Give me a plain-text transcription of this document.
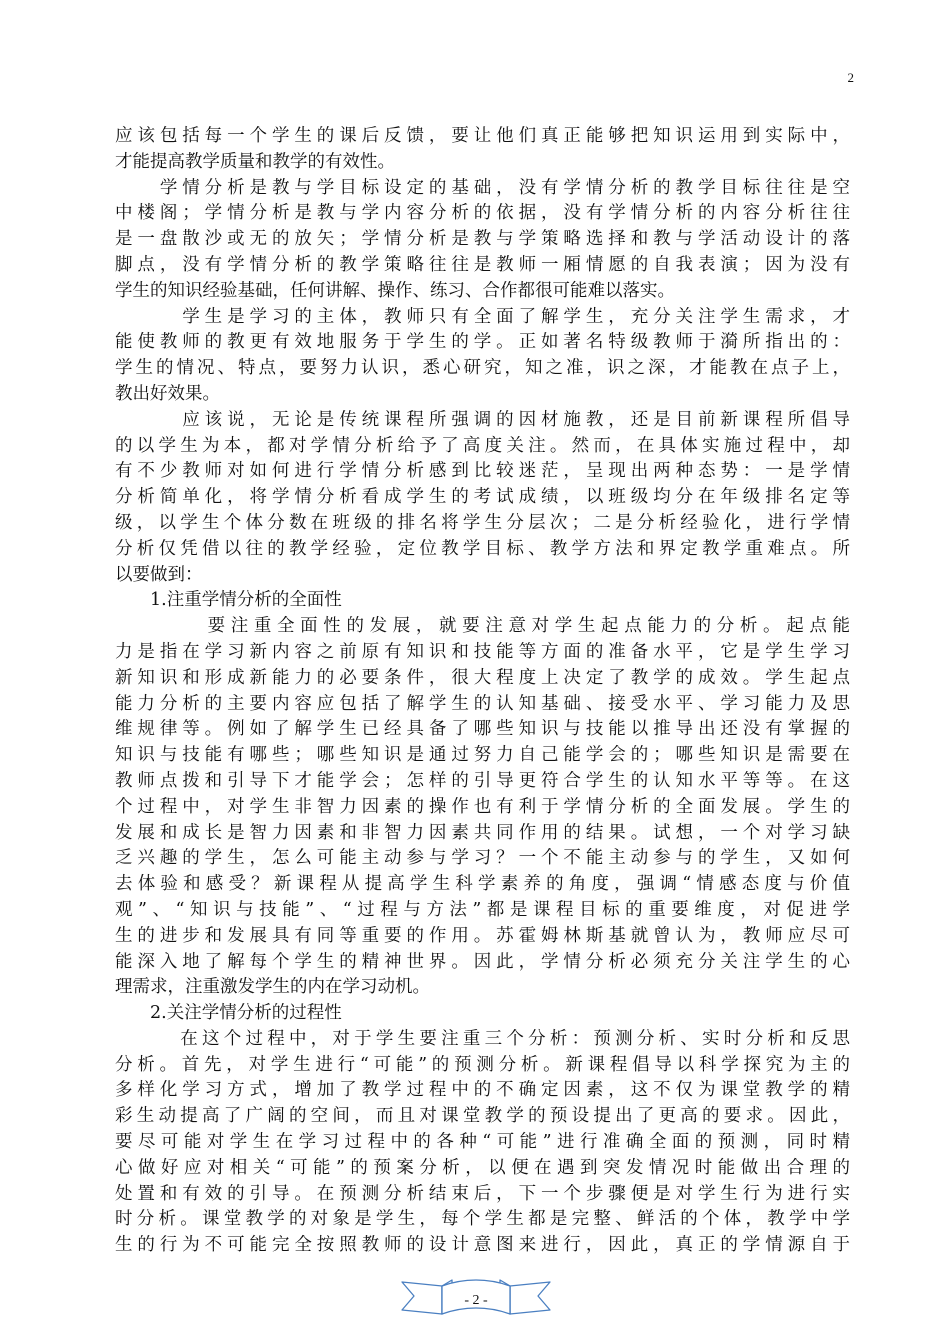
2
应该包括每一个学生的课后反馈，要让他们真正能够把知识运用到实际中，
才能提高教学质量和教学的有效性。
　　学情分析是教与学目标设定的基础，没有学情分析的教学目标往往是空
中楼阁；学情分析是教与学内容分析的依据，没有学情分析的内容分析往往
是一盘散沙或无的放矢；学情分析是教与学策略选择和教与学活动设计的落
脚点，没有学情分析的教学策略往往是教师一厢情愿的自我表演；因为没有
学生的知识经验基础，任何讲解、操作、练习、合作都很可能难以落实。
　　　学生是学习的主体，教师只有全面了解学生，充分关注学生需求，才
能使教师的教更有效地服务于学生的学。正如著名特级教师于漪所指出的：
学生的情况、特点，要努力认识，悉心研究，知之准，识之深，才能教在点子上，
教出好效果。
　　　应该说，无论是传统课程所强调的因材施教，还是目前新课程所倡导
的以学生为本，都对学情分析给予了高度关注。然而，在具体实施过程中，却
有不少教师对如何进行学情分析感到比较迷茫，呈现出两种态势：一是学情
分析简单化，将学情分析看成学生的考试成绩，以班级均分在年级排名定等
级，以学生个体分数在班级的排名将学生分层次；二是分析经验化，进行学情
分析仅凭借以往的教学经验，定位教学目标、教学方法和界定教学重难点。所
以要做到：
　　1.注重学情分析的全面性
　　　　要注重全面性的发展，就要注意对学生起点能力的分析。起点能
力是指在学习新内容之前原有知识和技能等方面的准备水平，它是学生学习
新知识和形成新能力的必要条件，很大程度上决定了教学的成效。学生起点
能力分析的主要内容应包括了解学生的认知基础、接受水平、学习能力及思
维规律等。例如了解学生已经具备了哪些知识与技能以推导出还没有掌握的
知识与技能有哪些；哪些知识是通过努力自己能学会的；哪些知识是需要在
教师点拨和引导下才能学会；怎样的引导更符合学生的认知水平等等。在这
个过程中，对学生非智力因素的操作也有利于学情分析的全面发展。学生的
发展和成长是智力因素和非智力因素共同作用的结果。试想，一个对学习缺
乏兴趣的学生，怎么可能主动参与学习？一个不能主动参与的学生，又如何
去体验和感受？新课程从提高学生科学素养的角度，强调“情感态度与价值
观”、“知识与技能”、“过程与方法”都是课程目标的重要维度，对促进学
生的进步和发展具有同等重要的作用。苏霍姆林斯基就曾认为，教师应尽可
能深入地了解每个学生的精神世界。因此，学情分析必须充分关注学生的心
理需求，注重激发学生的内在学习动机。
　　2.关注学情分析的过程性
　　　在这个过程中，对于学生要注重三个分析：预测分析、实时分析和反思
分析。首先，对学生进行“可能”的预测分析。新课程倡导以科学探究为主的
多样化学习方式，增加了教学过程中的不确定因素，这不仅为课堂教学的精
彩生动提高了广阔的空间，而且对课堂教学的预设提出了更高的要求。因此，
要尽可能对学生在学习过程中的各种“可能”进行准确全面的预测，同时精
心做好应对相关“可能”的预案分析，以便在遇到突发情况时能做出合理的
处置和有效的引导。在预测分析结束后，下一个步骤便是对学生行为进行实
时分析。课堂教学的对象是学生，每个学生都是完整、鲜活的个体，教学中学
生的行为不可能完全按照教师的设计意图来进行，因此，真正的学情源自于
- 2 -
